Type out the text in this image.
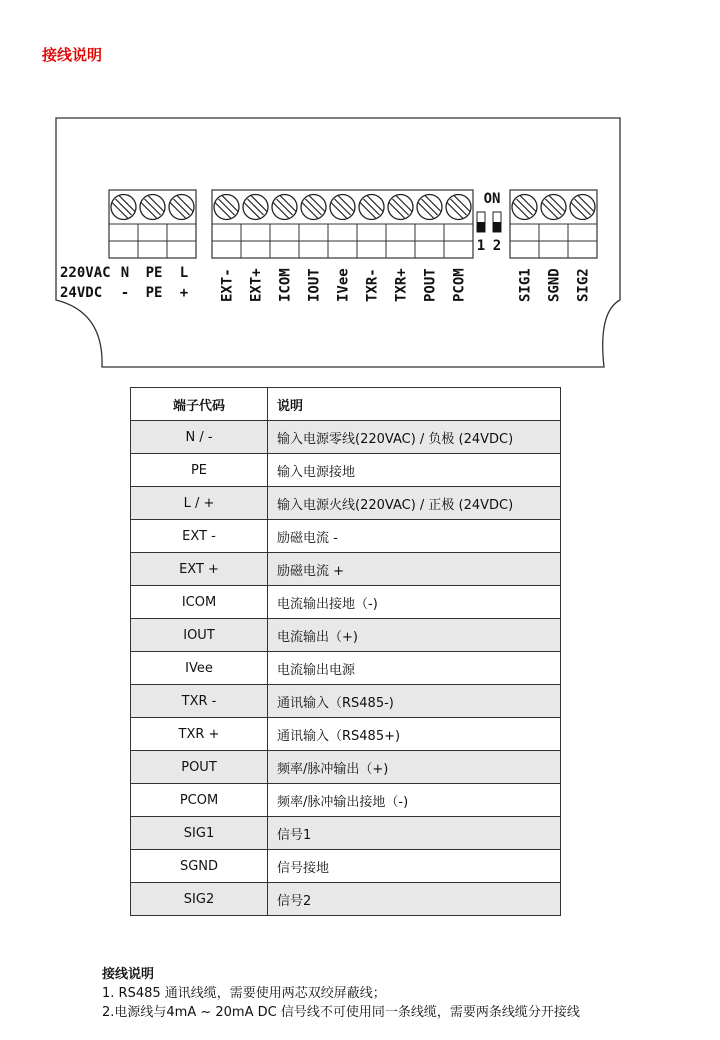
接线说明
N PE L
- PE + EXT- EXT+ ICOM IOUT IVee TXR- TXR+ POUT PCOM	SIG1 SGND SIG2
220VAC
24VDC
ON
1 2
端子代码	说明
N / -	输入电源零线(220VAC) / 负极 (24VDC)
PE	输入电源接地
L / +	输入电源火线(220VAC) / 正极 (24VDC)
EXT -	励磁电流 -
EXT +	励磁电流 +
ICOM	电流输出接地（-)
IOUT	电流输出（+)
IVee	电流输出电源
TXR -	通讯输入（RS485-)
TXR +	通讯输入（RS485+)
POUT	频率/脉冲输出（+)
PCOM	频率/脉冲输出接地（-)
SIG1	信号1
SGND	信号接地
SIG2	信号2
接线说明
1. RS485 通讯线缆，需要使用两芯双绞屏蔽线；
2.电源线与4mA ~ 20mA DC 信号线不可使用同一条线缆，需要两条线缆分开接线
